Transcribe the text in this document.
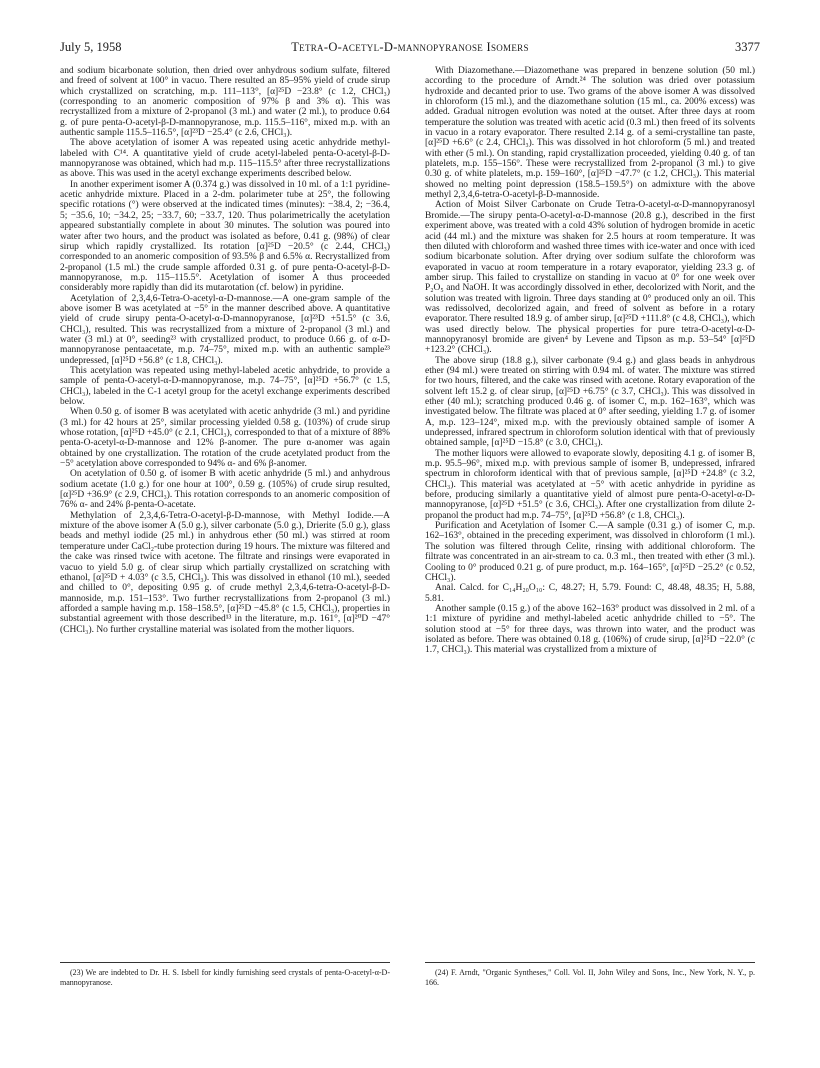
July 5, 1958	Tetra-O-acetyl-D-mannopyranose Isomers	3377

and sodium bicarbonate solution, then dried over anhydrous sodium sulfate, filtered and freed of solvent at 100° in vacuo. There resulted an 85–95% yield of crude sirup which crystallized on scratching, m.p. 111–113°, [α]²⁵D −23.8° (c 1.2, CHCl₃) (corresponding to an anomeric composition of 97% β and 3% α). This was recrystallized from a mixture of 2-propanol (3 ml.) and water (2 ml.), to produce 0.64 g. of pure penta-O-acetyl-β-D-mannopyranose, m.p. 115.5–116°, mixed m.p. with an authentic sample 115.5–116.5°, [α]²³D −25.4° (c 2.6, CHCl₃).

The above acetylation of isomer A was repeated using acetic anhydride methyl-labeled with C¹⁴. A quantitative yield of crude acetyl-labeled penta-O-acetyl-β-D-mannopyranose was obtained, which had m.p. 115–115.5° after three recrystallizations as above. This was used in the acetyl exchange experiments described below.

In another experiment isomer A (0.374 g.) was dissolved in 10 ml. of a 1:1 pyridine-acetic anhydride mixture. Placed in a 2-dm. polarimeter tube at 25°, the following specific rotations (°) were observed at the indicated times (minutes): −38.4, 2; −36.4, 5; −35.6, 10; −34.2, 25; −33.7, 60; −33.7, 120. Thus polarimetrically the acetylation appeared substantially complete in about 30 minutes. The solution was poured into water after two hours, and the product was isolated as before, 0.41 g. (98%) of clear sirup which rapidly crystallized. Its rotation [α]²⁵D −20.5° (c 2.44, CHCl₃) corresponded to an anomeric composition of 93.5% β and 6.5% α. Recrystallized from 2-propanol (1.5 ml.) the crude sample afforded 0.31 g. of pure penta-O-acetyl-β-D-mannopyranose, m.p. 115–115.5°. Acetylation of isomer A thus proceeded considerably more rapidly than did its mutarotation (cf. below) in pyridine.

Acetylation of 2,3,4,6-Tetra-O-acetyl-α-D-mannose.—A one-gram sample of the above isomer B was acetylated at −5° in the manner described above. A quantitative yield of crude sirupy penta-O-acetyl-α-D-mannopyranose, [α]²³D +51.5° (c 3.6, CHCl₃), resulted. This was recrystallized from a mixture of 2-propanol (3 ml.) and water (3 ml.) at 0°, seeding²³ with crystallized product, to produce 0.66 g. of α-D-mannopyranose pentaacetate, m.p. 74–75°, mixed m.p. with an authentic sample²³ undepressed, [α]²⁵D +56.8° (c 1.8, CHCl₃).

This acetylation was repeated using methyl-labeled acetic anhydride, to provide a sample of penta-O-acetyl-α-D-mannopyranose, m.p. 74–75°, [α]²⁵D +56.7° (c 1.5, CHCl₃), labeled in the C-1 acetyl group for the acetyl exchange experiments described below.

When 0.50 g. of isomer B was acetylated with acetic anhydride (3 ml.) and pyridine (3 ml.) for 42 hours at 25°, similar processing yielded 0.58 g. (103%) of crude sirup whose rotation, [α]²⁵D +45.0° (c 2.1, CHCl₃), corresponded to that of a mixture of 88% penta-O-acetyl-α-D-mannose and 12% β-anomer. The pure α-anomer was again obtained by one crystallization. The rotation of the crude acetylated product from the −5° acetylation above corresponded to 94% α- and 6% β-anomer.

On acetylation of 0.50 g. of isomer B with acetic anhydride (5 ml.) and anhydrous sodium acetate (1.0 g.) for one hour at 100°, 0.59 g. (105%) of crude sirup resulted, [α]²⁵D +36.9° (c 2.9, CHCl₃). This rotation corresponds to an anomeric composition of 76% α- and 24% β-penta-O-acetate.

Methylation of 2,3,4,6-Tetra-O-acetyl-β-D-mannose, with Methyl Iodide.—A mixture of the above isomer A (5.0 g.), silver carbonate (5.0 g.), Drierite (5.0 g.), glass beads and methyl iodide (25 ml.) in anhydrous ether (50 ml.) was stirred at room temperature under CaCl₂-tube protection during 19 hours. The mixture was filtered and the cake was rinsed twice with acetone. The filtrate and rinsings were evaporated in vacuo to yield 5.0 g. of clear sirup which partially crystallized on scratching with ethanol, [α]²⁵D + 4.03° (c 3.5, CHCl₃). This was dissolved in ethanol (10 ml.), seeded and chilled to 0°, depositing 0.95 g. of crude methyl 2,3,4,6-tetra-O-acetyl-β-D-mannoside, m.p. 151–153°. Two further recrystallizations from 2-propanol (3 ml.) afforded a sample having m.p. 158–158.5°, [α]²⁵D −45.8° (c 1.5, CHCl₃), properties in substantial agreement with those described¹³ in the literature, m.p. 161°, [α]²⁰D −47° (CHCl₃). No further crystalline material was isolated from the mother liquors.

With Diazomethane.—Diazomethane was prepared in benzene solution (50 ml.) according to the procedure of Arndt.²⁴ The solution was dried over potassium hydroxide and decanted prior to use. Two grams of the above isomer A was dissolved in chloroform (15 ml.), and the diazomethane solution (15 ml., ca. 200% excess) was added. Gradual nitrogen evolution was noted at the outset. After three days at room temperature the solution was treated with acetic acid (0.3 ml.) then freed of its solvents in vacuo in a rotary evaporator. There resulted 2.14 g. of a semi-crystalline tan paste, [α]²⁵D +6.6° (c 2.4, CHCl₃). This was dissolved in hot chloroform (5 ml.) and treated with ether (5 ml.). On standing, rapid crystallization proceeded, yielding 0.40 g. of tan platelets, m.p. 155–156°. These were recrystallized from 2-propanol (3 ml.) to give 0.30 g. of white platelets, m.p. 159–160°, [α]²⁵D −47.7° (c 1.2, CHCl₃). This material showed no melting point depression (158.5–159.5°) on admixture with the above methyl 2,3,4,6-tetra-O-acetyl-β-D-mannoside.

Action of Moist Silver Carbonate on Crude Tetra-O-acetyl-α-D-mannopyranosyl Bromide.—The sirupy penta-O-acetyl-α-D-mannose (20.8 g.), described in the first experiment above, was treated with a cold 43% solution of hydrogen bromide in acetic acid (44 ml.) and the mixture was shaken for 2.5 hours at room temperature. It was then diluted with chloroform and washed three times with ice-water and once with iced sodium bicarbonate solution. After drying over sodium sulfate the chloroform was evaporated in vacuo at room temperature in a rotary evaporator, yielding 23.3 g. of amber sirup. This failed to crystallize on standing in vacuo at 0° for one week over P₂O₅ and NaOH. It was accordingly dissolved in ether, decolorized with Norit, and the solution was treated with ligroin. Three days standing at 0° produced only an oil. This was redissolved, decolorized again, and freed of solvent as before in a rotary evaporator. There resulted 18.9 g. of amber sirup, [α]²⁵D +111.8° (c 4.8, CHCl₃), which was used directly below. The physical properties for pure tetra-O-acetyl-α-D-mannopyranosyl bromide are given⁴ by Levene and Tipson as m.p. 53–54° [α]²⁵D +123.2° (CHCl₃).

The above sirup (18.8 g.), silver carbonate (9.4 g.) and glass beads in anhydrous ether (94 ml.) were treated on stirring with 0.94 ml. of water. The mixture was stirred for two hours, filtered, and the cake was rinsed with acetone. Rotary evaporation of the solvent left 15.2 g. of clear sirup, [α]²⁵D +6.75° (c 3.7, CHCl₃). This was dissolved in ether (40 ml.); scratching produced 0.46 g. of isomer C, m.p. 162–163°, which was investigated below. The filtrate was placed at 0° after seeding, yielding 1.7 g. of isomer A, m.p. 123–124°, mixed m.p. with the previously obtained sample of isomer A undepressed, infrared spectrum in chloroform solution identical with that of previously obtained sample, [α]²⁵D −15.8° (c 3.0, CHCl₃).

The mother liquors were allowed to evaporate slowly, depositing 4.1 g. of isomer B, m.p. 95.5–96°, mixed m.p. with previous sample of isomer B, undepressed, infrared spectrum in chloroform identical with that of previous sample, [α]²⁵D +24.8° (c 3.2, CHCl₃). This material was acetylated at −5° with acetic anhydride in pyridine as before, producing similarly a quantitative yield of almost pure penta-O-acetyl-α-D-mannopyranose, [α]²⁵D +51.5° (c 3.6, CHCl₃). After one crystallization from dilute 2-propanol the product had m.p. 74–75°, [α]²⁵D +56.8° (c 1.8, CHCl₃).

Purification and Acetylation of Isomer C.—A sample (0.31 g.) of isomer C, m.p. 162–163°, obtained in the preceding experiment, was dissolved in chloroform (1 ml.). The solution was filtered through Celite, rinsing with additional chloroform. The filtrate was concentrated in an air-stream to ca. 0.3 ml., then treated with ether (3 ml.). Cooling to 0° produced 0.21 g. of pure product, m.p. 164–165°, [α]²⁵D −25.2° (c 0.52, CHCl₃).

Anal. Calcd. for C₁₄H₂₀O₁₀: C, 48.27; H, 5.79. Found: C, 48.48, 48.35; H, 5.88, 5.81.

Another sample (0.15 g.) of the above 162–163° product was dissolved in 2 ml. of a 1:1 mixture of pyridine and methyl-labeled acetic anhydride chilled to −5°. The solution stood at −5° for three days, was thrown into water, and the product was isolated as before. There was obtained 0.18 g. (106%) of crude sirup, [α]²⁵D −22.0° (c 1.7, CHCl₃). This material was crystallized from a mixture of

(23) We are indebted to Dr. H. S. Isbell for kindly furnishing seed crystals of penta-O-acetyl-α-D-mannopyranose.

(24) F. Arndt, "Organic Syntheses," Coll. Vol. II, John Wiley and Sons, Inc., New York, N. Y., p. 166.
